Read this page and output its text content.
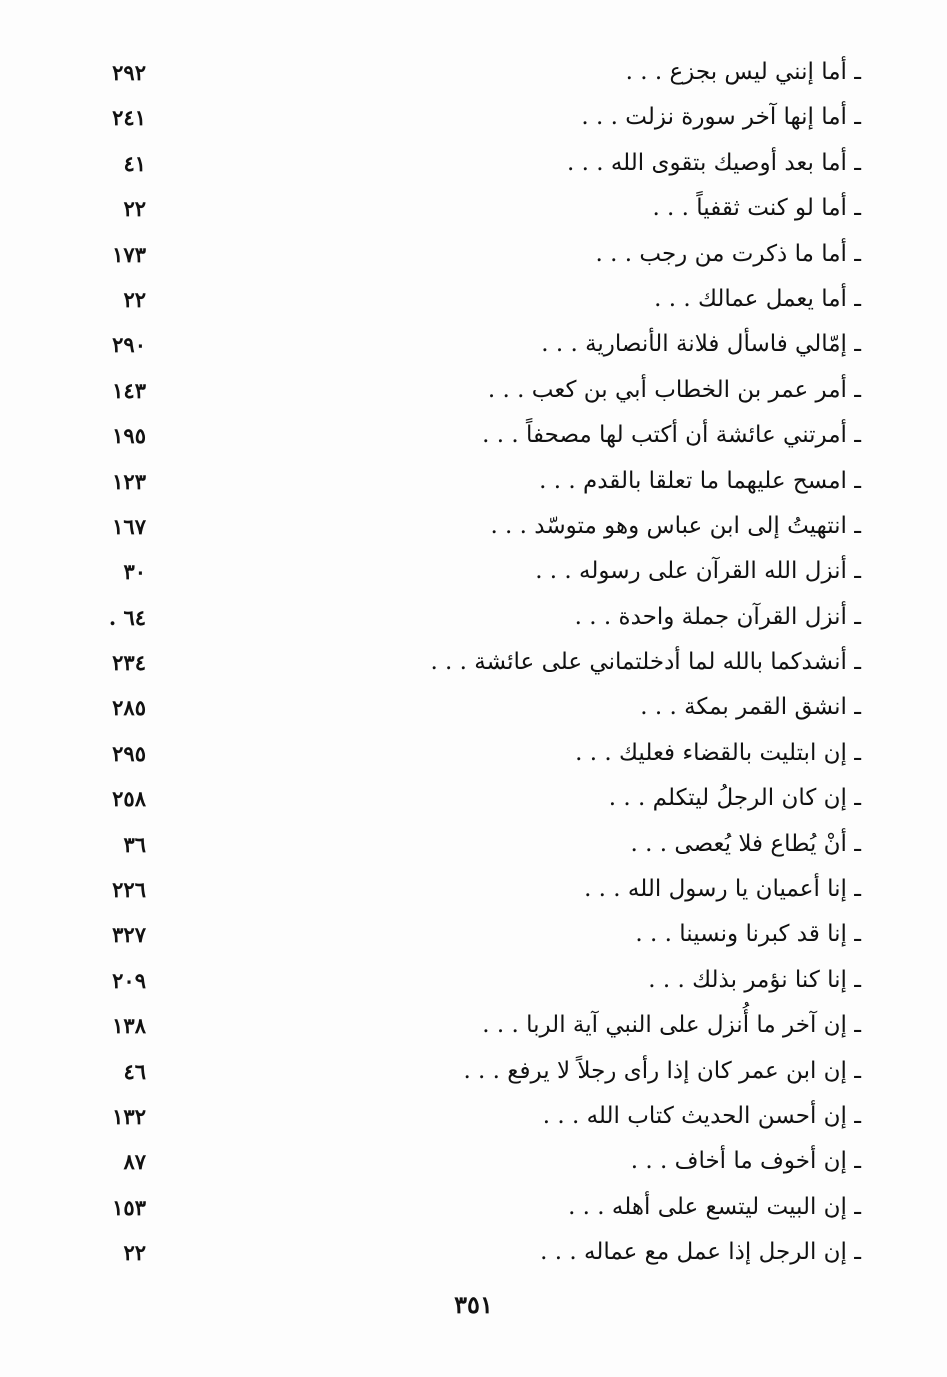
ـ أما إنني ليس بجزع . . .
٢٩٢
ـ أما إنها آخر سورة نزلت . . .
٢٤١
ـ أما بعد أوصيك بتقوى الله . . .
٤١
ـ أما لو كنت ثقفياً . . .
٢٢
ـ أما ما ذكرت من رجب . . .
١٧٣
ـ أما يعمل عمالك . . .
٢٢
ـ إمّالي فاسأل فلانة الأنصارية . . .
٢٩٠
ـ أمر عمر بن الخطاب أبي بن كعب . . .
١٤٣
ـ أمرتني عائشة أن أكتب لها مصحفاً . . .
١٩٥
ـ امسح عليهما ما تعلقا بالقدم . . .
١٢٣
ـ انتهيتُ إلى ابن عباس وهو متوسّد . . .
١٦٧
ـ أنزل الله القرآن على رسوله . . .
٣٠
ـ أنزل القرآن جملة واحدة . . .
. ٦٤
ـ أنشدكما بالله لما أدخلتماني على عائشة . . .
٢٣٤
ـ انشق القمر بمكة . . .
٢٨٥
ـ إن ابتليت بالقضاء فعليك . . .
٢٩٥
ـ إن كان الرجلُ ليتكلم . . .
٢٥٨
ـ أنْ يُطاع فلا يُعصى . . .
٣٦
ـ إنا أعميان يا رسول الله . . .
٢٢٦
ـ إنا قد كبرنا ونسينا . . .
٣٢٧
ـ إنا كنا نؤمر بذلك . . .
٢٠٩
ـ إن آخر ما أُنزل على النبي آية الربا . . .
١٣٨
ـ إن ابن عمر كان إذا رأى رجلاً لا يرفع . . .
٤٦
ـ إن أحسن الحديث كتاب الله . . .
١٣٢
ـ إن أخوف ما أخاف . . .
٨٧
ـ إن البيت ليتسع على أهله . . .
١٥٣
ـ إن الرجل إذا عمل مع عماله . . .
٢٢
٣٥١
